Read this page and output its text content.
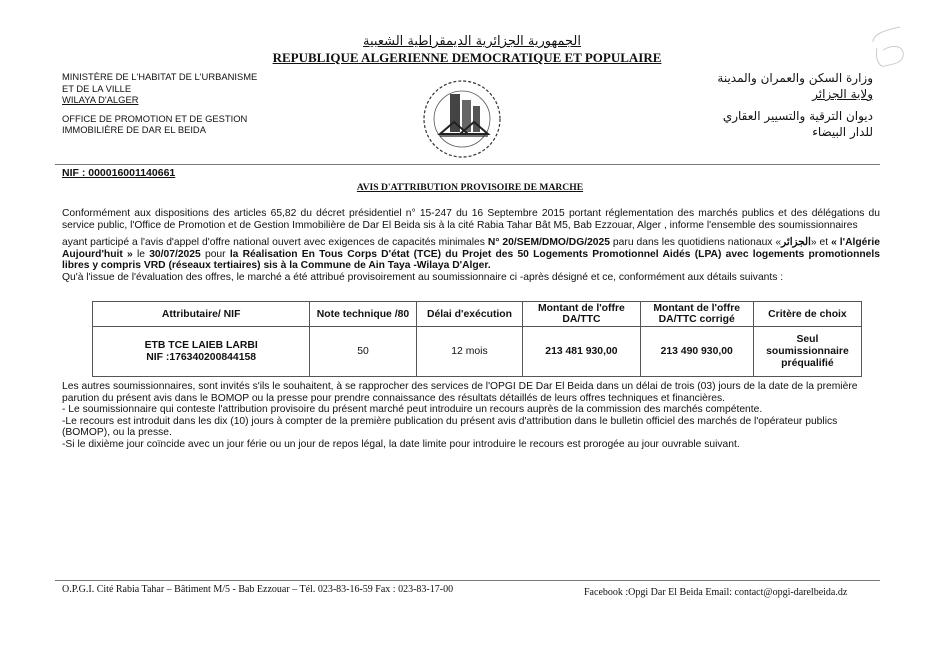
الجمهورية الجزائرية الديمقراطية الشعبية
REPUBLIQUE ALGERIENNE DEMOCRATIQUE ET POPULAIRE
MINISTÈRE DE L'HABITAT DE L'URBANISME
ET DE LA VILLE
WILAYA D'ALGER
OFFICE DE PROMOTION ET DE GESTION
IMMOBILIÈRE DE DAR EL BEIDA
وزارة السكن والعمران والمدينة
ولاية الجزائر
ديوان الترقية والتسيير العقاري
للدار البيضاء
NIF : 000016001140661
AVIS D'ATTRIBUTION PROVISOIRE DE MARCHE
Conformément aux dispositions des articles 65,82 du décret présidentiel n° 15-247 du 16 Septembre 2015 portant réglementation des marchés publics et des délégations du service public, l'Office de Promotion et de Gestion Immobilière de Dar El Beida sis à la cité Rabia Tahar Bât M5, Bab Ezzouar, Alger , informe l'ensemble des soumissionnaires
ayant participé a l'avis d'appel d'offre national ouvert avec exigences de capacités minimales N° 20/SEM/DMO/DG/2025 paru dans les quotidiens nationaux «الجزائر» et « l'Algérie Aujourd'huit » le 30/07/2025 pour la Réalisation En Tous Corps D'état (TCE) du Projet des 50 Logements Promotionnel Aidés (LPA) avec logements promotionnels libres y compris VRD (réseaux tertiaires) sis à la Commune de Ain Taya -Wilaya D'Alger.
Qu'à l'issue de l'évaluation des offres, le marché a été attribué provisoirement au soumissionnaire ci -après désigné et ce, conformément aux détails suivants :
Attributaire/ NIF	Note technique /80	Délai d'exécution	Montant de l'offre DA/TTC	Montant de l'offre DA/TTC corrigé	Critère de choix

ETB TCE LAIEB LARBI
NIF :176340200844158	50	12 mois	213 481 930,00	213 490 930,00	Seul soumissionnaire préqualifié
Les autres soumissionnaires, sont invités s'ils le souhaitent, à se rapprocher des services de l'OPGI DE Dar El Beida dans un délai de trois (03) jours de la date de la première parution du présent avis dans le BOMOP ou la presse pour prendre connaissance des résultats détaillés de leurs offres techniques et financières.
- Le soumissionnaire qui conteste l'attribution provisoire du présent marché peut introduire un recours auprès de la commission des marchés compétente.
-Le recours est introduit dans les dix (10) jours à compter de la première publication du présent avis d'attribution dans le bulletin officiel des marchés de l'opérateur publics (BOMOP), ou la presse.
-Si le dixième jour coïncide avec un jour férie ou un jour de repos légal, la date limite pour introduire le recours est prorogée au jour ouvrable suivant.
O.P.G.I. Cité Rabia Tahar – Bâtiment M/5 - Bab Ezzouar – Tél. 023-83-16-59 Fax : 023-83-17-00	Facebook :Opgi Dar El Beida Email: contact@opgi-darelbeida.dz
